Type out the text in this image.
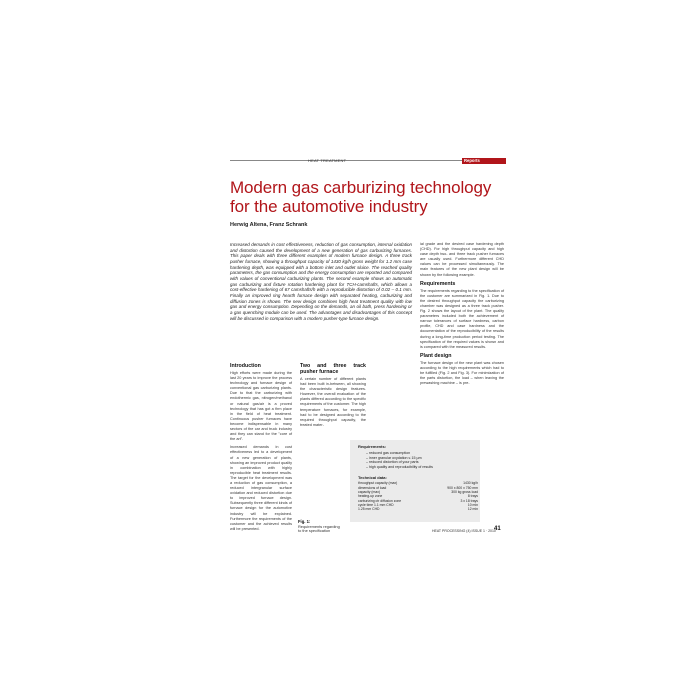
HEAT TREATMENT	Reports
Modern gas carburizing technology for the automotive industry
Herwig Altena, Franz Schrank
Increased demands in cost effectiveness, reduction of gas consumption, internal oxidation and distortion caused the development of a new generation of gas carburizing furnaces. This paper deals with three different examples of modern furnace design. A three track pusher furnace, showing a throughput capacity of 1430 kg/h gross weight for 1.2 mm case hardening depth, was equipped with a bottom inlet and outlet sluice. The reached quality parameters, the gas consumption and the energy consumption are reported and compared with values of conventional carburizing plants. The second example shows an automatic gas carburizing and fixture rotation hardening plant for TCH-camshafts, which allows a cost-effective hardening of 67 camshafts/h with a reproducible distortion of 0.02 – 0.1 mm. Finally an improved ring hearth furnace design with separated heating, carburizing and diffusion zones is shown. The new design combines high heat treatment quality with low gas and energy consumption. Depending on the demands, an oil bath, press hardening or a gas quenching module can be used. The advantages and disadvantages of this concept will be discussed in comparison with a modern pusher-type furnace design.
Introduction

High efforts were made during the last 20 years to improve the process technology and furnace design of conventional gas carburizing plants. Due to that the carburizing with endothermic gas, nitrogen/methanol or natural gas/air is a proved technology that has got a firm place in the field of heat treatment. Continuous pusher furnaces have become indispensable in many sectors of the car and truck industry and they can stand for the "core of the art".

Increased demands in cost effectiveness led to a development of a new generation of plants, showing an improved product quality in combination with highly reproducible heat treatment results. The target for the development was a reduction of gas consumption, a reduced intergranular surface oxidation and reduced distortion due to improved furnace design. Subsequently three different kinds of furnace design for the automotive industry will be explained. Furthermore the requirements of the customer and the achieved results will be presented.

Two and three track pusher furnace

A certain number of different plants had been built in-between, all showing the characteristic design features. However, the overall evaluation of the plants differed according to the specific requirements of the customer. The high temperature furnaces, for example, had to be designed according to the required throughput capacity, the treated mater-

ial grade and the desired case hardening depth (CHD). For high throughput capacity and high case depth two- and three track pusher furnaces are usually used. Furthermore different CHD values can be processed simultaneously. The main features of the new plant design will be shown by the following example.

Requirements

The requirements regarding to the specification of the customer are summarized in Fig. 1. Due to the desired throughput capacity the carburizing chamber was designed as a three track pusher. Fig. 2 shows the layout of the plant. The quality parameters included both the achievement of narrow tolerances of surface hardness, carbon profile, CHD and case hardness and the documentation of the reproducibility of the results during a long-time production period testing. The specification of the required values is shown and is compared with the measured results.

Plant design

The furnace design of the new plant was chosen according to the high requirements which had to be fulfilled (Fig. 2 and Fig. 3). For minimization of the parts distortion, the load – when leaving the prewashing machine – is pre-

Requirements:
– reduced gas consumption
– inner granular oxydation ≤ 15 µm
– reduced distortion of your parts
– high quality and reproducibility of results
Technical data:
throughput capacity (max)	1430 kg/h
dimensions of load	900 x 800 x 750 mm
capacity (max)	300 kg gross load
heating-up zone	8 trays
carburizing ctr diffusion zone	3 x 18 trays
cycle time 1.1 mm CHD	10 min
1.25 mm CHD	12 min
Fig. 1:
Requirements regarding to the specification	HEAT PROCESSING (4) ISSUE 1 · 2010
41
